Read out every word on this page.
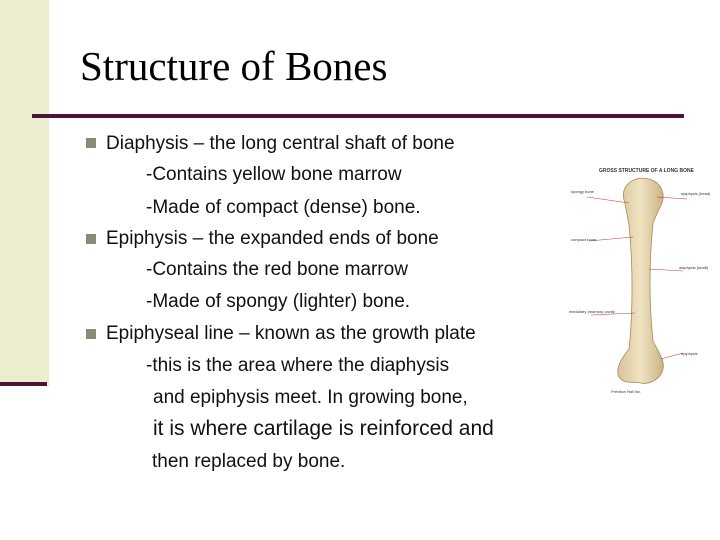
Structure of Bones
Diaphysis – the long central shaft of bone
-Contains yellow bone marrow
-Made of compact (dense) bone.
Epiphysis – the expanded ends of bone
-Contains the red bone marrow
-Made of spongy (lighter) bone.
Epiphyseal line – known as the growth plate
-this is the area where the diaphysis
and epiphysis meet. In growing bone,
it is where cartilage is reinforced and
then replaced by bone.
GROSS STRUCTURE OF A LONG BONE
spongy bone	epiphysis (head)
compact bone
diaphysis (shaft)
medullary (marrow) cavity
epiphysis
Prentice Hall Inc.
